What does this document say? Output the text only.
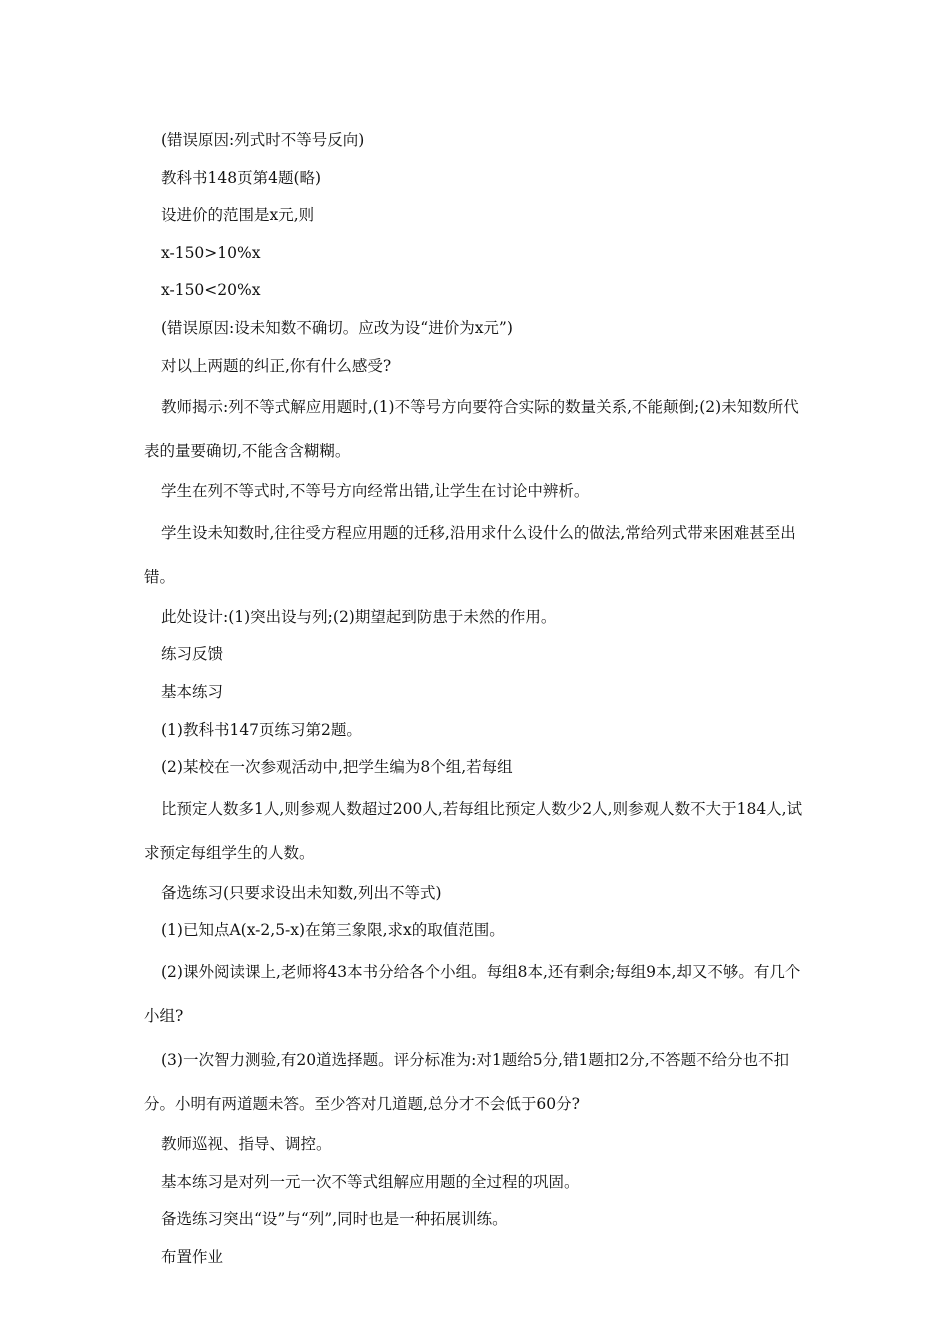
(错误原因:列式时不等号反向)

教科书148页第4题(略)

设进价的范围是x元,则

x-150>10%x

x-150<20%x

(错误原因:设未知数不确切。应改为设“进价为x元”)

对以上两题的纠正,你有什么感受?

教师揭示:列不等式解应用题时,(1)不等号方向要符合实际的数量关系,不能颠倒;(2)未知数所代表的量要确切,不能含含糊糊。

学生在列不等式时,不等号方向经常出错,让学生在讨论中辨析。

学生设未知数时,往往受方程应用题的迁移,沿用求什么设什么的做法,常给列式带来困难甚至出错。

此处设计:(1)突出设与列;(2)期望起到防患于未然的作用。

练习反馈

基本练习

(1)教科书147页练习第2题。

(2)某校在一次参观活动中,把学生编为8个组,若每组

比预定人数多1人,则参观人数超过200人,若每组比预定人数少2人,则参观人数不大于184人,试求预定每组学生的人数。

备选练习(只要求设出未知数,列出不等式)

(1)已知点A(x-2,5-x)在第三象限,求x的取值范围。

(2)课外阅读课上,老师将43本书分给各个小组。每组8本,还有剩余;每组9本,却又不够。有几个小组?

(3)一次智力测验,有20道选择题。评分标准为:对1题给5分,错1题扣2分,不答题不给分也不扣分。小明有两道题未答。至少答对几道题,总分才不会低于60分?

教师巡视、指导、调控。

基本练习是对列一元一次不等式组解应用题的全过程的巩固。

备选练习突出“设”与“列”,同时也是一种拓展训练。

布置作业
